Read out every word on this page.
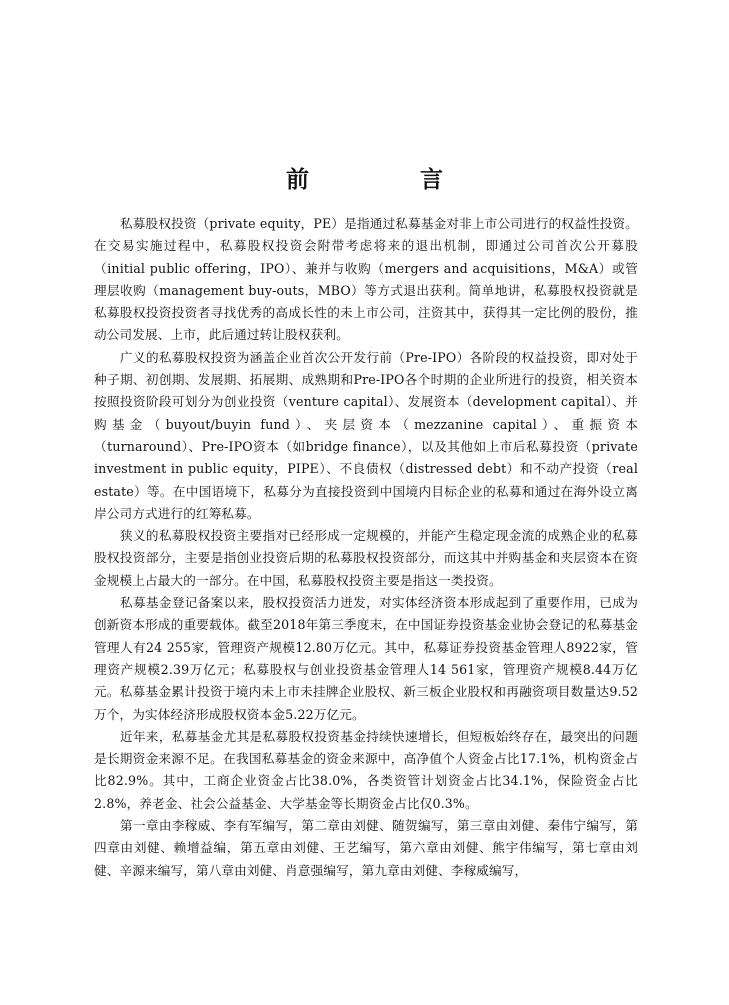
前　言

私募股权投资（private equity，PE）是指通过私募基金对非上市公司进行的权益性投资。在交易实施过程中，私募股权投资会附带考虑将来的退出机制，即通过公司首次公开募股（initial public offering，IPO）、兼并与收购（mergers and acquisitions，M&A）或管理层收购（management buy-outs，MBO）等方式退出获利。简单地讲，私募股权投资就是私募股权投资投资者寻找优秀的高成长性的未上市公司，注资其中，获得其一定比例的股份，推动公司发展、上市，此后通过转让股权获利。

广义的私募股权投资为涵盖企业首次公开发行前（Pre-IPO）各阶段的权益投资，即对处于种子期、初创期、发展期、拓展期、成熟期和Pre-IPO各个时期的企业所进行的投资，相关资本按照投资阶段可划分为创业投资（venture capital）、发展资本（development capital）、并购基金（buyout/buyin fund）、夹层资本（mezzanine capital）、重振资本（turnaround）、Pre-IPO资本（如bridge finance），以及其他如上市后私募投资（private investment in public equity，PIPE）、不良债权（distressed debt）和不动产投资（real estate）等。在中国语境下，私募分为直接投资到中国境内目标企业的私募和通过在海外设立离岸公司方式进行的红筹私募。

狭义的私募股权投资主要指对已经形成一定规模的，并能产生稳定现金流的成熟企业的私募股权投资部分，主要是指创业投资后期的私募股权投资部分，而这其中并购基金和夹层资本在资金规模上占最大的一部分。在中国，私募股权投资主要是指这一类投资。

私募基金登记备案以来，股权投资活力迸发，对实体经济资本形成起到了重要作用，已成为创新资本形成的重要载体。截至2018年第三季度末，在中国证券投资基金业协会登记的私募基金管理人有24 255家，管理资产规模12.80万亿元。其中，私募证券投资基金管理人8922家，管理资产规模2.39万亿元；私募股权与创业投资基金管理人14 561家，管理资产规模8.44万亿元。私募基金累计投资于境内未上市未挂牌企业股权、新三板企业股权和再融资项目数量达9.52万个，为实体经济形成股权资本金5.22万亿元。

近年来，私募基金尤其是私募股权投资基金持续快速增长，但短板始终存在，最突出的问题是长期资金来源不足。在我国私募基金的资金来源中，高净值个人资金占比17.1%，机构资金占比82.9%。其中，工商企业资金占比38.0%，各类资管计划资金占比34.1%，保险资金占比2.8%，养老金、社会公益基金、大学基金等长期资金占比仅0.3%。

第一章由李稼威、李有军编写，第二章由刘健、随贺编写，第三章由刘健、秦伟宁编写，第四章由刘健、赖增益编，第五章由刘健、王艺编写，第六章由刘健、熊宇伟编写，第七章由刘健、辛源来编写，第八章由刘健、肖意强编写，第九章由刘健、李稼威编写，
